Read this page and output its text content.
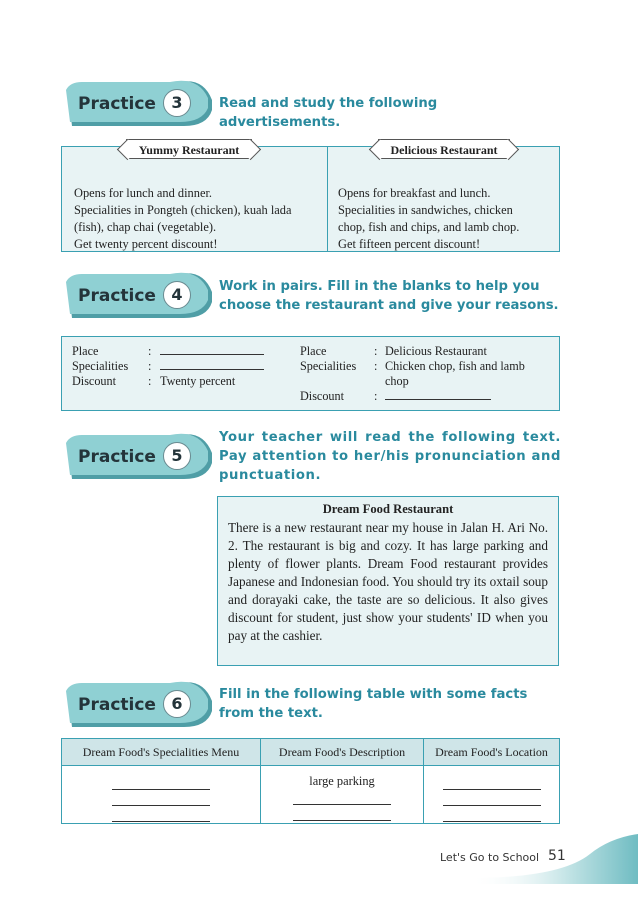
Practice 3	Read and study the following advertisements.
Yummy Restaurant
Opens for lunch and dinner.
Specialities in Pongteh (chicken), kuah lada
(fish), chap chai (vegetable).
Get twenty percent discount!
Delicious Restaurant
Opens for breakfast and lunch.
Specialities in sandwiches, chicken
chop, fish and chips, and lamb chop.
Get fifteen percent discount!
Practice 4	Work in pairs. Fill in the blanks to help you choose the restaurant and give your reasons.
Place	:
Specialities :
Discount	: Twenty percent
Place	: Delicious Restaurant
Specialities : Chicken chop, fish and lamb
chop
Discount :
Practice 5
Your teacher will read the following text. Pay attention to her/his pronunciation and punctuation.
Dream Food Restaurant
There is a new restaurant near my house in Jalan H. Ari No. 2. The restaurant is big and cozy. It has large parking and plenty of flower plants. Dream Food restaurant provides Japanese and Indonesian food. You should try its oxtail soup and dorayaki cake, the taste are so delicious. It also gives discount for student, just show your students' ID when you pay at the cashier.
Practice 6	Fill in the following table with some facts from the text.
Dream Food's Specialities Menu	Dream Food's Description	Dream Food's Location

	large parking	

Let's Go to School 51
